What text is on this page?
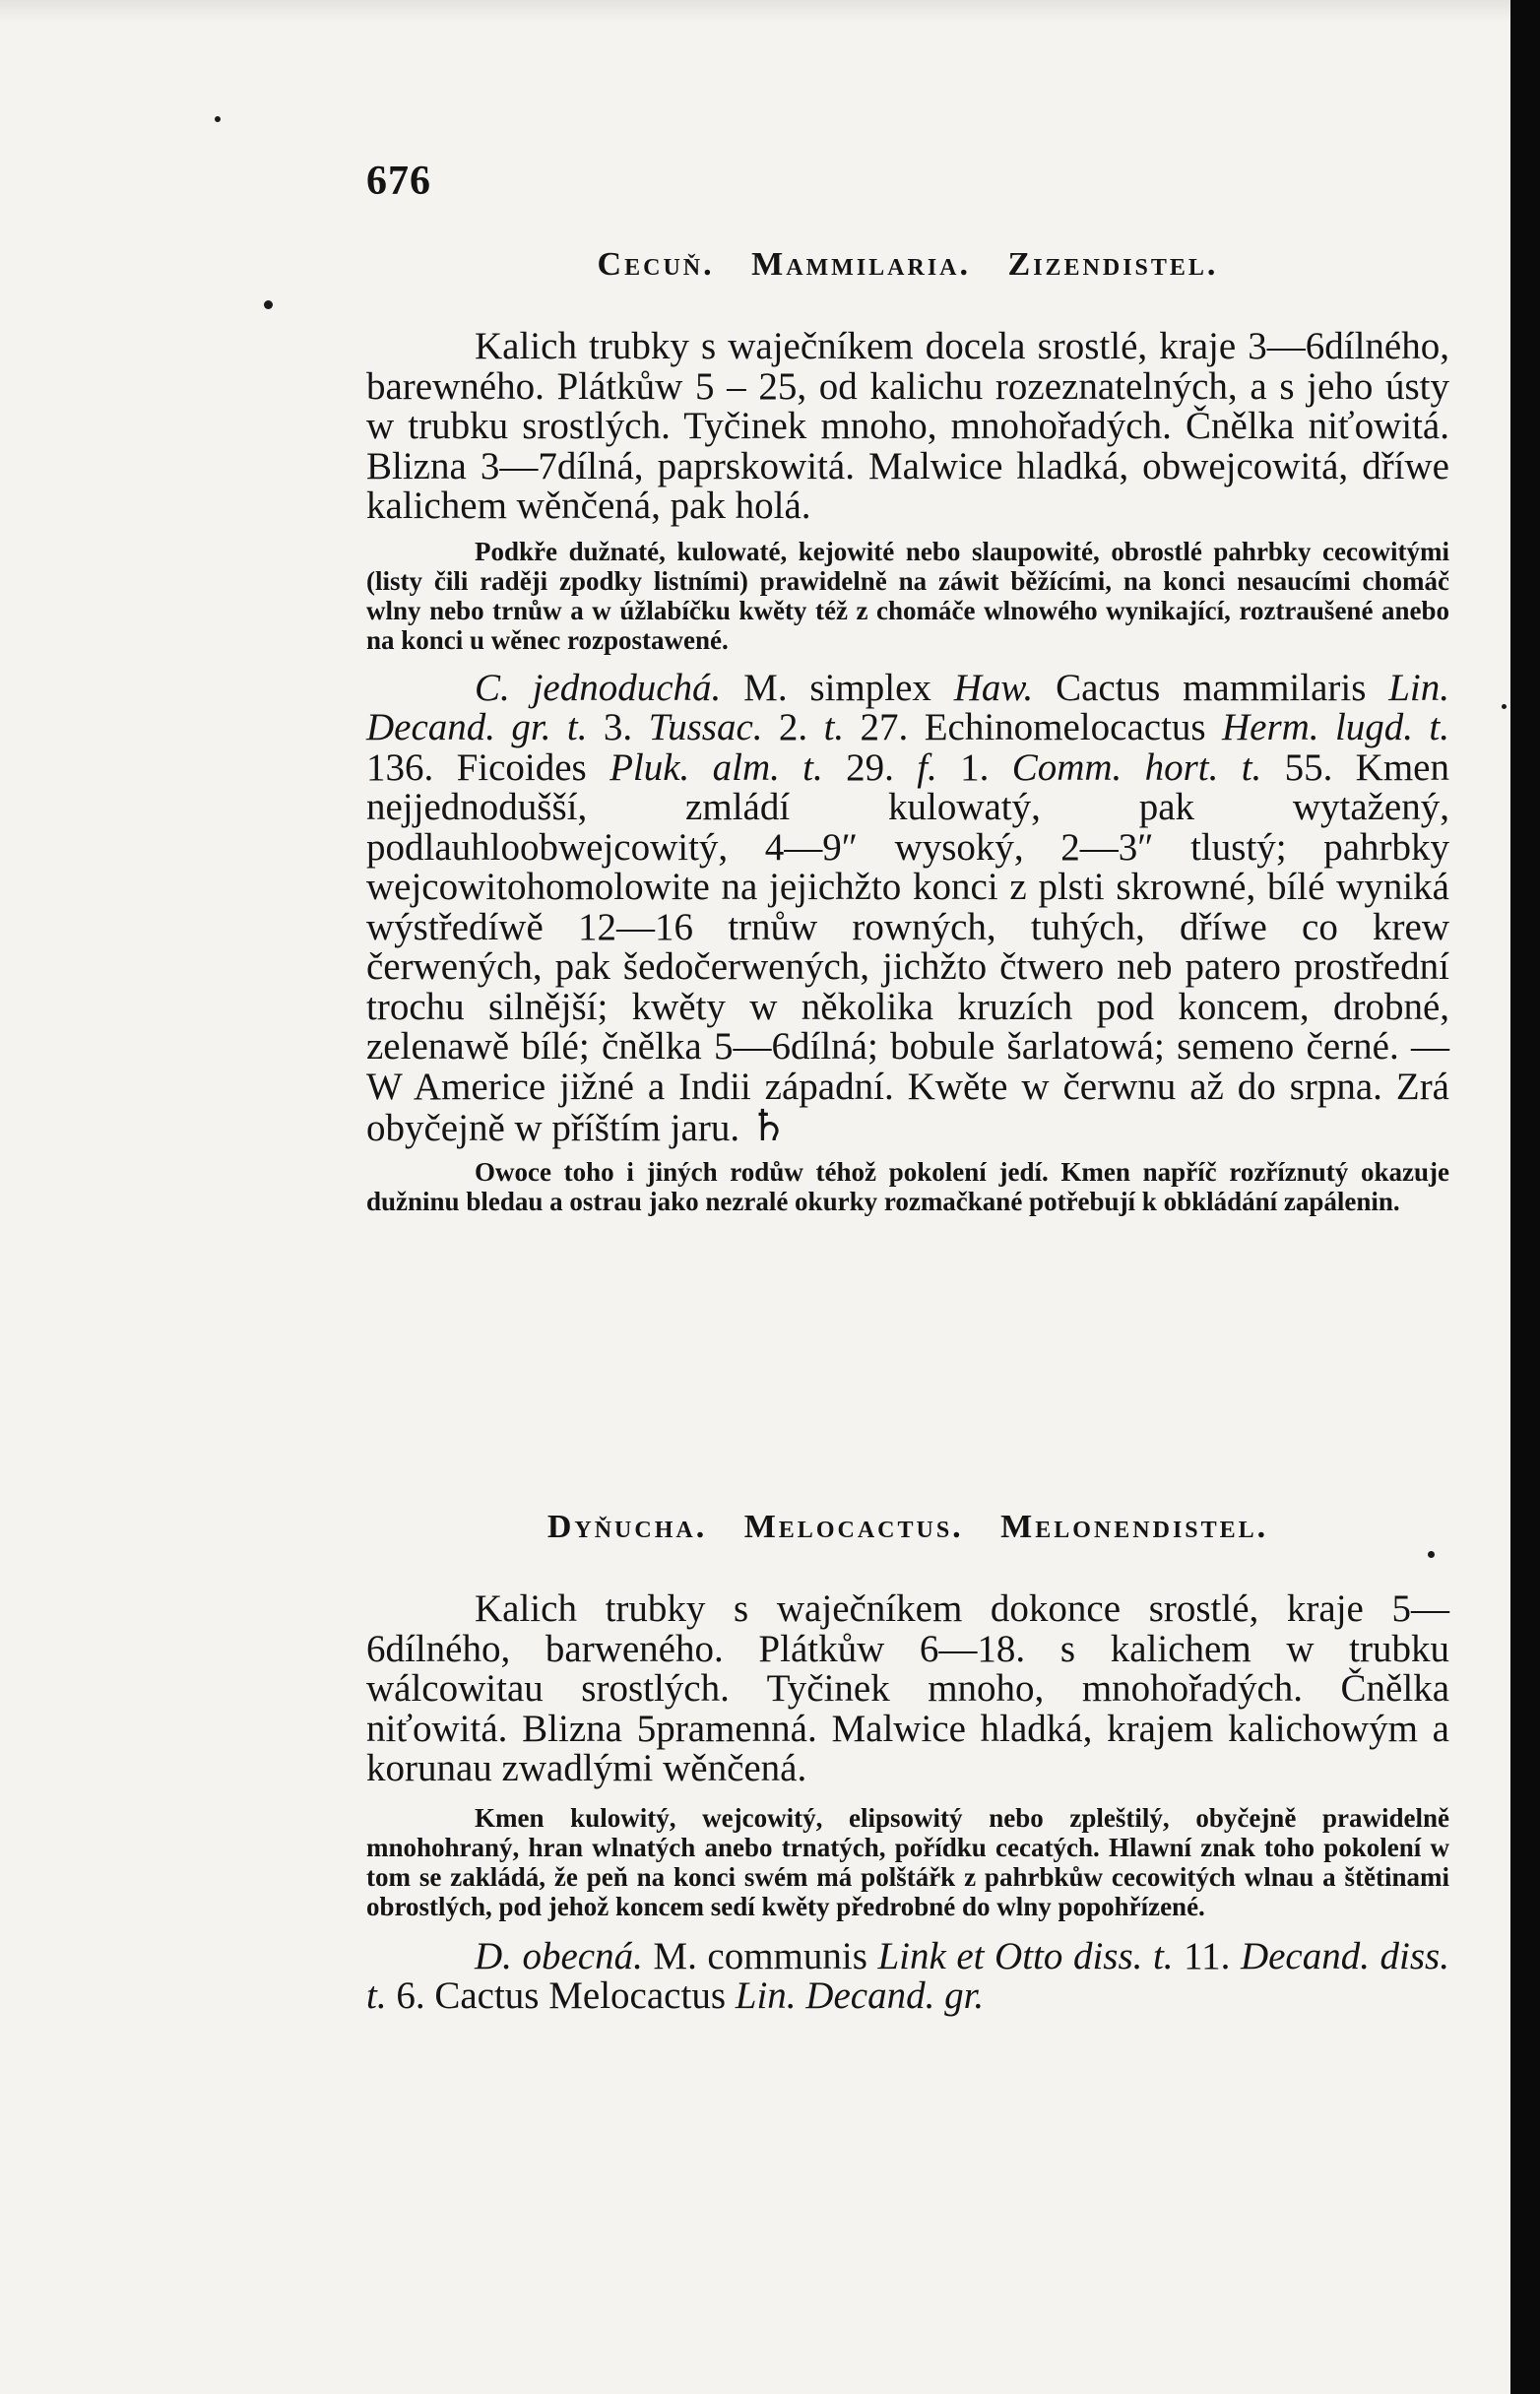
676
Cecuň. Mammilaria. Zizendistel.

Kalich trubky s waječníkem docela srostlé, kraje 3—6dílného, barewného. Plátkůw 5 – 25, od kalichu rozeznatelných, a s jeho ústy w trubku srostlých. Tyčinek mnoho, mnohořadých. Čnělka niťowitá. Blizna 3—7dílná, paprskowitá. Malwice hladká, obwejcowitá, dříwe kalichem wěnčená, pak holá.

Podkře dužnaté, kulowaté, kejowité nebo slaupowité, obrostlé pahrbky cecowitými (listy čili raději zpodky listními) prawidelně na záwit běžícími, na konci nesaucími chomáč wlny nebo trnůw a w úžlabíčku kwěty též z chomáče wlnowého wynikající, roztraušené anebo na konci u wěnec rozpostawené.

C. jednoduchá. M. simplex Haw. Cactus mammilaris Lin. Decand. gr. t. 3. Tussac. 2. t. 27. Echinomelocactus Herm. lugd. t. 136. Ficoides Pluk. alm. t. 29. f. 1. Comm. hort. t. 55. Kmen nejjednodušší, zmládí kulowatý, pak wytažený, podlauhloobwejcowitý, 4—9″ wysoký, 2—3″ tlustý; pahrbky wejcowitohomolowite na jejichžto konci z plsti skrowné, bílé wyniká wýstředíwě 12—16 trnůw rowných, tuhých, dříwe co krew čerwených, pak šedočerwených, jichžto čtwero neb patero prostřední trochu silnější; kwěty w několika kruzích pod koncem, drobné, zelenawě bílé; čnělka 5—6dílná; bobule šarlatowá; semeno černé. — W Americe jižné a Indii západní. Kwěte w čerwnu až do srpna. Zrá obyčejně w příštím jaru. ♄

Owoce toho i jiných rodůw téhož pokolení jedí. Kmen napříč rozříznutý okazuje dužninu bledau a ostrau jako nezralé okurky rozmačkané potřebují k obkládání zapálenin.

Dyňucha. Melocactus. Melonendistel.

Kalich trubky s waječníkem dokonce srostlé, kraje 5—6dílného, barweného. Plátkůw 6—18. s kalichem w trubku wálcowitau srostlých. Tyčinek mnoho, mnohořadých. Čnělka niťowitá. Blizna 5pramenná. Malwice hladká, krajem kalichowým a korunau zwadlými wěnčená.

Kmen kulowitý, wejcowitý, elipsowitý nebo zpleštilý, obyčejně prawidelně mnohohraný, hran wlnatých anebo trnatých, pořídku cecatých. Hlawní znak toho pokolení w tom se zakládá, že peň na konci swém má polštářk z pahrbkůw cecowitých wlnau a štětinami obrostlých, pod jehož koncem sedí kwěty předrobné do wlny popohřízené.

D. obecná. M. communis Link et Otto diss. t. 11. Decand. diss. t. 6. Cactus Melocactus Lin. Decand. gr.
